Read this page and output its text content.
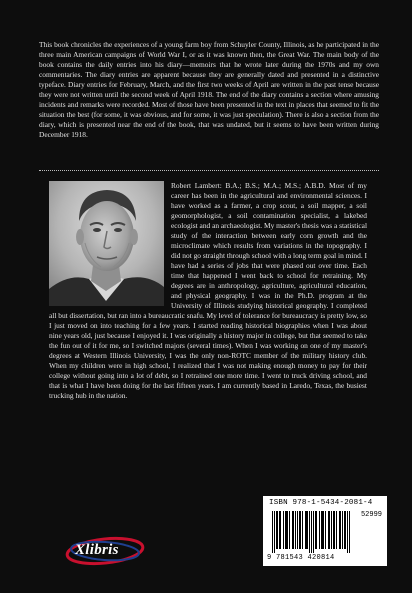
This book chronicles the experiences of a young farm boy from Schuyler County, Illinois, as he participated in the three main American campaigns of World War I, or as it was known then, the Great War. The main body of the book contains the daily entries into his diary—memoirs that he wrote later during the 1970s and my own commentaries. The diary entries are apparent because they are generally dated and presented in a distinctive typeface. Diary entries for February, March, and the first two weeks of April are written in the past tense because they were not written until the second week of April 1918. The end of the diary contains a section where amusing incidents and remarks were recorded. Most of those have been presented in the text in places that seemed to fit the situation the best (for some, it was obvious, and for some, it was just speculation). There is also a section from the diary, which is presented near the end of the book, that was undated, but it seems to have been written during December 1918.

Robert Lambert: B.A.; B.S.; M.A.; M.S.; A.B.D. Most of my career has been in the agricultural and environmental sciences. I have worked as a farmer, a crop scout, a soil mapper, a soil geomorphologist, a soil contamination specialist, a lakebed ecologist and an archaeologist. My master's thesis was a statistical study of the interaction between early corn growth and the microclimate which results from variations in the topography. I did not go straight through school with a long term goal in mind. I have had a series of jobs that were phased out over time. Each time that happened I went back to school for retraining. My degrees are in anthropology, agriculture, agricultural education, and physical geography. I was in the Ph.D. program at the University of Illinois studying historical geography. I completed all but dissertation, but ran into a bureaucratic snafu. My level of tolerance for bureaucracy is pretty low, so I just moved on into teaching for a few years. I started reading historical biographies when I was about nine years old, just because I enjoyed it. I was originally a history major in college, but that seemed to take the fun out of it for me, so I switched majors (several times). When I was working on one of my master's degrees at Western Illinois University, I was the only non-ROTC member of the military history club. When my children were in high school, I realized that I was not making enough money to pay for their college without going into a lot of debt, so I retrained one more time. I went to truck driving school, and that is what I have been doing for the last fifteen years. I am currently based in Laredo, Texas, the busiest trucking hub in the nation.

Xlibris
ISBN 978-1-5434-2081-4
52999
9 781543 420814
